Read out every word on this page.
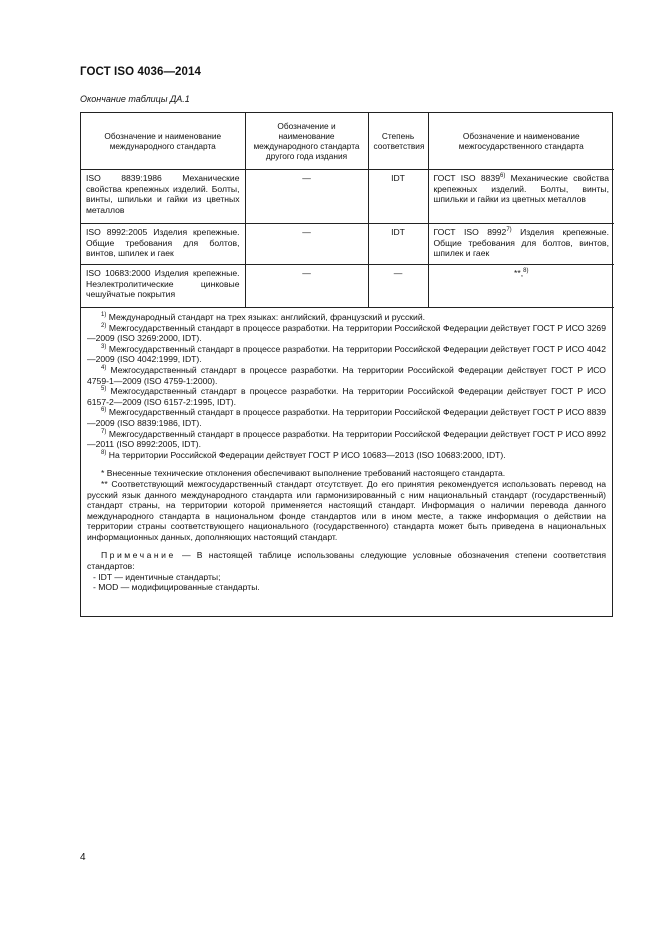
ГОСТ ISO 4036—2014
Окончание таблицы ДА.1
Обозначение и наименование международного стандарта	Обозначение и наименование международного стандарта другого года издания	Степень соответствия	Обозначение и наименование межгосударственного стандарта
ISO 8839:1986 Механические свойства крепежных изделий. Болты, винты, шпильки и гайки из цветных металлов	—	IDT	ГОСТ ISO 8839$^{6)}$ Механические свойства крепежных изделий. Болты, винты, шпильки и гайки из цветных металлов
ISO 8992:2005 Изделия крепежные. Общие требования для болтов, винтов, шпилек и гаек	—	IDT	ГОСТ ISO 8992$^{7)}$ Изделия крепежные. Общие требования для болтов, винтов, шпилек и гаек
ISO 10683:2000 Изделия крепежные. Неэлектролитические цинковые чешуйчатые покрытия	—	—	**,$^{8)}$
$^{1)}$ Международный стандарт на трех языках: английский, французский и русский.
$^{2)}$ Межгосударственный стандарт в процессе разработки. На территории Российской Федерации действует ГОСТ Р ИСО 3269—2009 (ISO 3269:2000, IDT).
$^{3)}$ Межгосударственный стандарт в процессе разработки. На территории Российской Федерации действует ГОСТ Р ИСО 4042—2009 (ISO 4042:1999, IDT).
$^{4)}$ Межгосударственный стандарт в процессе разработки. На территории Российской Федерации действует ГОСТ Р ИСО 4759-1—2009 (ISO 4759-1:2000).
$^{5)}$ Межгосударственный стандарт в процессе разработки. На территории Российской Федерации действует ГОСТ Р ИСО 6157-2—2009 (ISO 6157-2:1995, IDT).
$^{6)}$ Межгосударственный стандарт в процессе разработки. На территории Российской Федерации действует ГОСТ Р ИСО 8839—2009 (ISO 8839:1986, IDT).
$^{7)}$ Межгосударственный стандарт в процессе разработки. На территории Российской Федерации действует ГОСТ Р ИСО 8992—2011 (ISO 8992:2005, IDT).
$^{8)}$ На территории Российской Федерации действует ГОСТ Р ИСО 10683—2013 (ISO 10683:2000, IDT).
* Внесенные технические отклонения обеспечивают выполнение требований настоящего стандарта.
** Соответствующий межгосударственный стандарт отсутствует. До его принятия рекомендуется использовать перевод на русский язык данного международного стандарта или гармонизированный с ним национальный стандарт (государственный) стандарт страны, на территории которой применяется настоящий стандарт. Информация о наличии перевода данного международного стандарта в национальном фонде стандартов или в ином месте, а также информация о действии на территории страны соответствующего национального (государственного) стандарта может быть приведена в национальных информационных данных, дополняющих настоящий стандарт.
Примечание — В настоящей таблице использованы следующие условные обозначения степени соответствия стандартов:
- IDT — идентичные стандарты;
- MOD — модифицированные стандарты.
4
